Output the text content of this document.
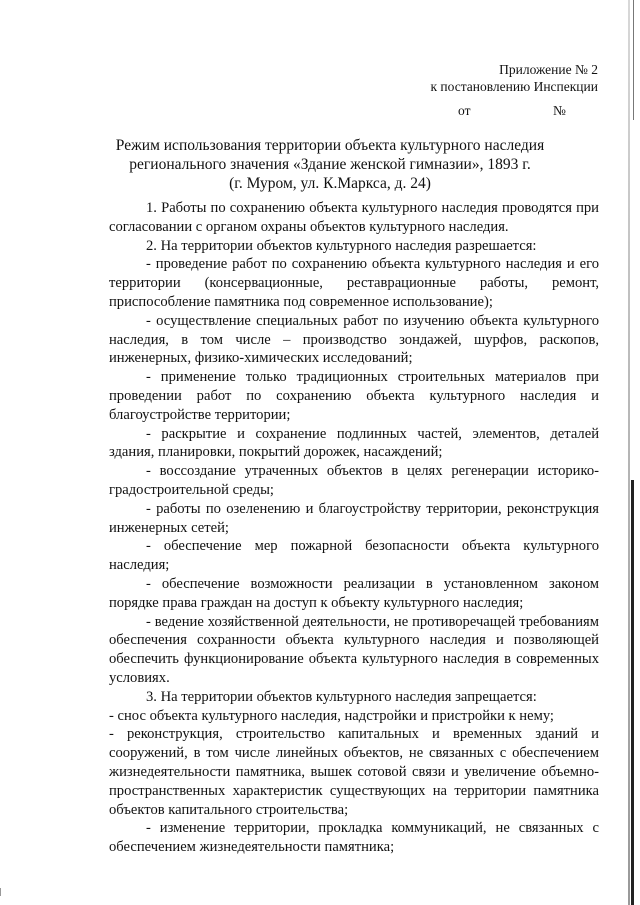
Приложение № 2
к постановлению Инспекции
от	№
Режим использования территории объекта культурного наследия
регионального значения «Здание женской гимназии», 1893 г.
(г. Муром, ул. К.Маркса, д. 24)

1. Работы по сохранению объекта культурного наследия проводятся при согласовании с органом охраны объектов культурного наследия.

2. На территории объектов культурного наследия разрешается:

- проведение работ по сохранению объекта культурного наследия и его территории (консервационные, реставрационные работы, ремонт, приспособление памятника под современное использование);

- осуществление специальных работ по изучению объекта культурного наследия, в том числе – производство зондажей, шурфов, раскопов, инженерных, физико-химических исследований;

- применение только традиционных строительных материалов при проведении работ по сохранению объекта культурного наследия и благоустройстве территории;

- раскрытие и сохранение подлинных частей, элементов, деталей здания, планировки, покрытий дорожек, насаждений;

- воссоздание утраченных объектов в целях регенерации историко-градостроительной среды;

- работы по озеленению и благоустройству территории, реконструкция инженерных сетей;

- обеспечение мер пожарной безопасности объекта культурного наследия;

- обеспечение возможности реализации в установленном законом порядке права граждан на доступ к объекту культурного наследия;

- ведение хозяйственной деятельности, не противоречащей требованиям обеспечения сохранности объекта культурного наследия и позволяющей обеспечить функционирование объекта культурного наследия в современных условиях.

3. На территории объектов культурного наследия запрещается:

- снос объекта культурного наследия, надстройки и пристройки к нему;

- реконструкция, строительство капитальных и временных зданий и сооружений, в том числе линейных объектов, не связанных с обеспечением жизнедеятельности памятника, вышек сотовой связи и увеличение объемно-пространственных характеристик существующих на территории памятника объектов капитального строительства;

- изменение территории, прокладка коммуникаций, не связанных с обеспечением жизнедеятельности памятника;
